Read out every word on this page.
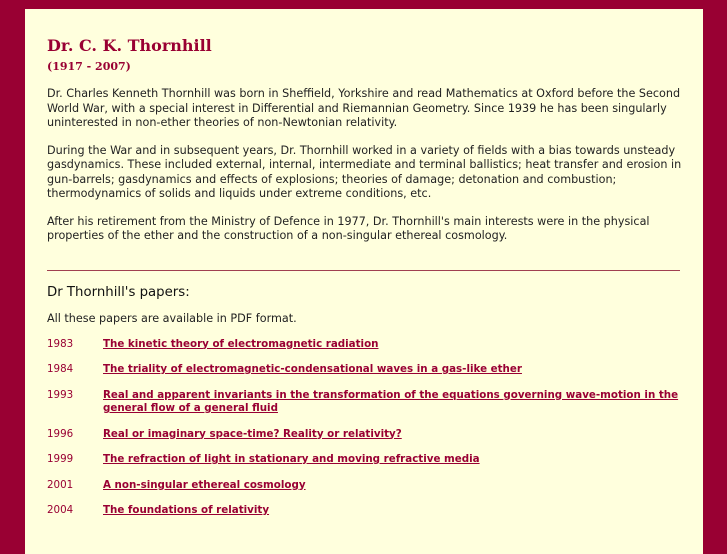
Dr. C. K. Thornhill
(1917 - 2007)

Dr. Charles Kenneth Thornhill was born in Sheffield, Yorkshire and read Mathematics at Oxford before the Second World War, with a special interest in Differential and Riemannian Geometry. Since 1939 he has been singularly uninterested in non-ether theories of non-Newtonian relativity.

During the War and in subsequent years, Dr. Thornhill worked in a variety of fields with a bias towards unsteady gasdynamics. These included external, internal, intermediate and terminal ballistics; heat transfer and erosion in gun-barrels; gasdynamics and effects of explosions; theories of damage; detonation and combustion; thermodynamics of solids and liquids under extreme conditions, etc.

After his retirement from the Ministry of Defence in 1977, Dr. Thornhill's main interests were in the physical properties of the ether and the construction of a non-singular ethereal cosmology.

Dr Thornhill's papers:

All these papers are available in PDF format.

1983	The kinetic theory of electromagnetic radiation
1984	The triality of electromagnetic-condensational waves in a gas-like ether
1993	Real and apparent invariants in the transformation of the equations governing wave-motion in the general flow of a general fluid
1996	Real or imaginary space-time? Reality or relativity?
1999	The refraction of light in stationary and moving refractive media
2001	A non-singular ethereal cosmology
2004	The foundations of relativity
